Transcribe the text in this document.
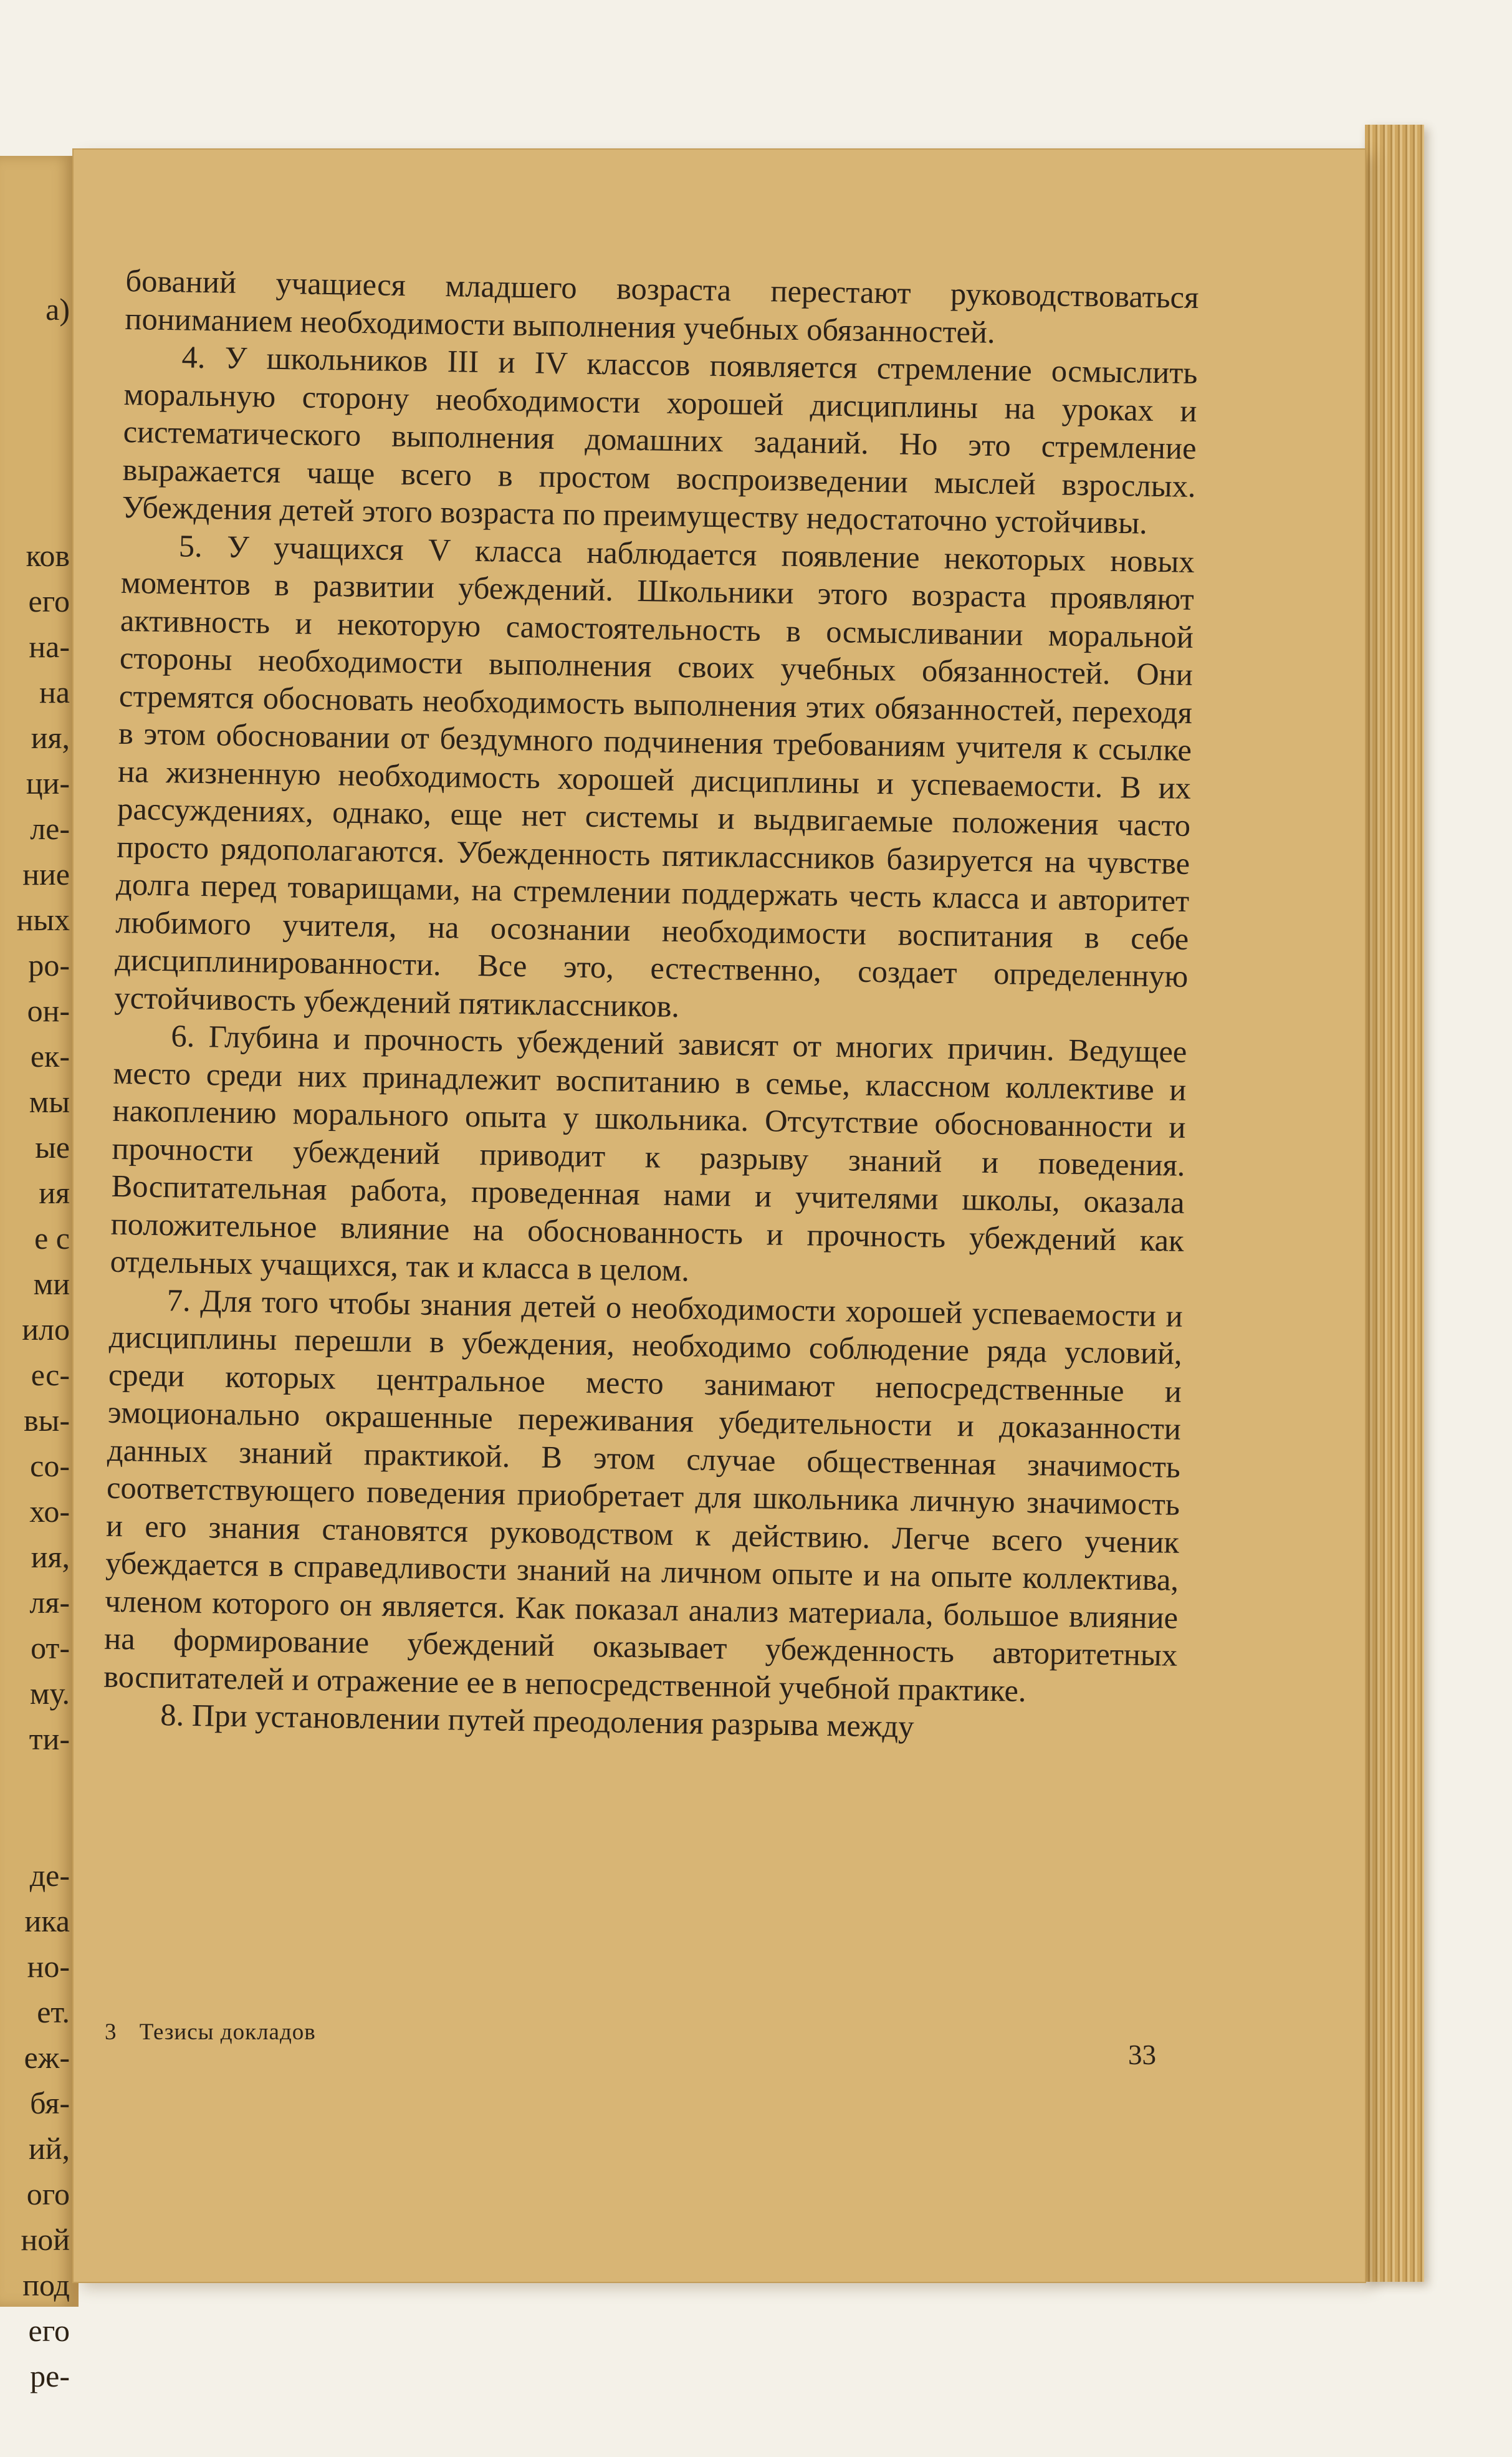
а)
ков
его
на-
на
ия,
ци-
ле-
ние
ных
ро-
он-
ек-
мы
ые
ия
е с
ми
ило
ес-
вы-
со-
хо-
ия,
ля-
от-
му.
ти-
де-
ика
но-
ет.
еж-
бя-
ий,
ого
ной
под
его
ре-

бований учащиеся младшего возраста перестают руководствоваться пониманием необходимости выполнения учебных обязанностей.

4. У школьников III и IV классов появляется стремление осмыслить моральную сторону необходимости хорошей дисциплины на уроках и систематического выполнения домашних заданий. Но это стремление выражается чаще всего в простом воспроизведении мыслей взрослых. Убеждения детей этого возраста по преимуществу недостаточно устойчивы.

5. У учащихся V класса наблюдается появление некоторых новых моментов в развитии убеждений. Школьники этого возраста проявляют активность и некоторую самостоятельность в осмысливании моральной стороны необходимости выполнения своих учебных обязанностей. Они стремятся обосновать необходимость выполнения этих обязанностей, переходя в этом обосновании от бездумного подчинения требованиям учителя к ссылке на жизненную необходимость хорошей дисциплины и успеваемости. В их рассуждениях, однако, еще нет системы и выдвигаемые положения часто просто рядополагаются. Убежденность пятиклассников базируется на чувстве долга перед товарищами, на стремлении поддержать честь класса и авторитет любимого учителя, на осознании необходимости воспитания в себе дисциплинированности. Все это, естественно, создает определенную устойчивость убеждений пятиклассников.

6. Глубина и прочность убеждений зависят от многих причин. Ведущее место среди них принадлежит воспитанию в семье, классном коллективе и накоплению морального опыта у школьника. Отсутствие обоснованности и прочности убеждений приводит к разрыву знаний и поведения. Воспитательная работа, проведенная нами и учителями школы, оказала положительное влияние на обоснованность и прочность убеждений как отдельных учащихся, так и класса в целом.

7. Для того чтобы знания детей о необходимости хорошей успеваемости и дисциплины перешли в убеждения, необходимо соблюдение ряда условий, среди которых центральное место занимают непосредственные и эмоционально окрашенные переживания убедительности и доказанности данных знаний практикой. В этом случае общественная значимость соответствующего поведения приобретает для школьника личную значимость и его знания становятся руководством к действию. Легче всего ученик убеждается в справедливости знаний на личном опыте и на опыте коллектива, членом которого он является. Как показал анализ материала, большое влияние на формирование убеждений оказывает убежденность авторитетных воспитателей и отражение ее в непосредственной учебной практике.

8. При установлении путей преодоления разрыва между

3 Тезисы докладов
33
